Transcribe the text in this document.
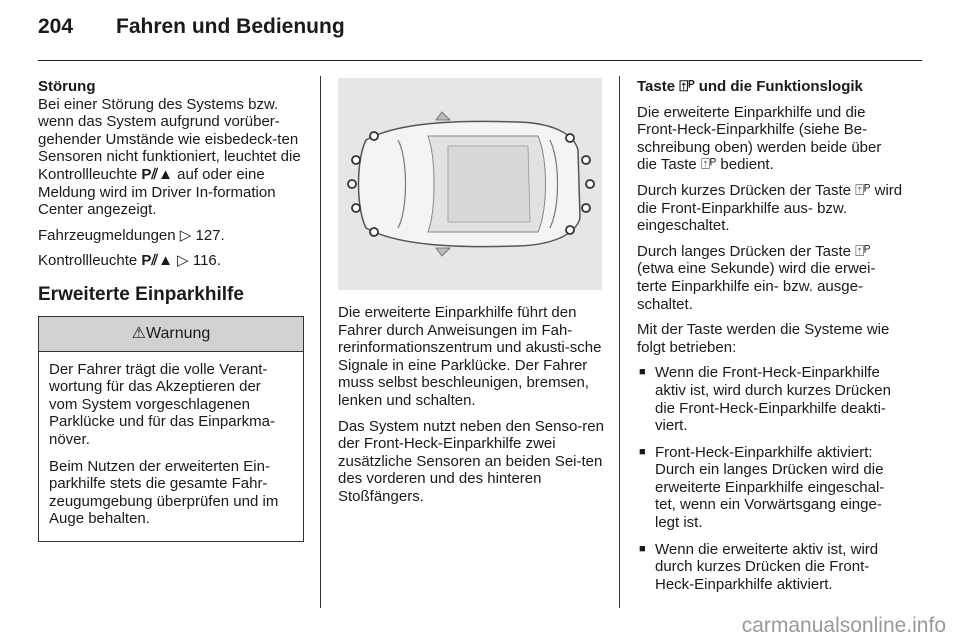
204 Fahren und Bedienung

Störung
Bei einer Störung des Systems bzw. wenn das System aufgrund vorüber-gehender Umstände wie eisbedeck-ten Sensoren nicht funktioniert, leuchtet die Kontrollleuchte P⫽▲ auf oder eine Meldung wird im Driver In-formation Center angezeigt.

Fahrzeugmeldungen ▷ 127.

Kontrollleuchte P⫽▲ ▷ 116.

Erweiterte Einparkhilfe
⚠Warnung

Der Fahrer trägt die volle Verant-wortung für das Akzeptieren der vom System vorgeschlagenen Parklücke und für das Einparkma-növer.

Beim Nutzen der erweiterten Ein-parkhilfe stets die gesamte Fahr-zeugumgebung überprüfen und im Auge behalten.

Die erweiterte Einparkhilfe führt den Fahrer durch Anweisungen im Fah-rerinformationszentrum und akusti-sche Signale in eine Parklücke. Der Fahrer muss selbst beschleunigen, bremsen, lenken und schalten.

Das System nutzt neben den Senso-ren der Front-Heck-Einparkhilfe zwei zusätzliche Sensoren an beiden Sei-ten des vorderen und des hinteren Stoßfängers.

Taste ⍐ᴾ und die Funktionslogik

Die erweiterte Einparkhilfe und die Front-Heck-Einparkhilfe (siehe Be-schreibung oben) werden beide über die Taste ⍐ᴾ bedient.

Durch kurzes Drücken der Taste ⍐ᴾ wird die Front-Einparkhilfe aus- bzw. eingeschaltet.

Durch langes Drücken der Taste ⍐ᴾ (etwa eine Sekunde) wird die erwei-terte Einparkhilfe ein- bzw. ausge-schaltet.

Mit der Taste werden die Systeme wie folgt betrieben:

■ Wenn die Front-Heck-Einparkhilfe aktiv ist, wird durch kurzes Drücken die Front-Heck-Einparkhilfe deakti-viert.
■ Front-Heck-Einparkhilfe aktiviert: Durch ein langes Drücken wird die erweiterte Einparkhilfe eingeschal-tet, wenn ein Vorwärtsgang einge-legt ist.
■ Wenn die erweiterte aktiv ist, wird durch kurzes Drücken die Front-Heck-Einparkhilfe aktiviert.
carmanualsonline.info
